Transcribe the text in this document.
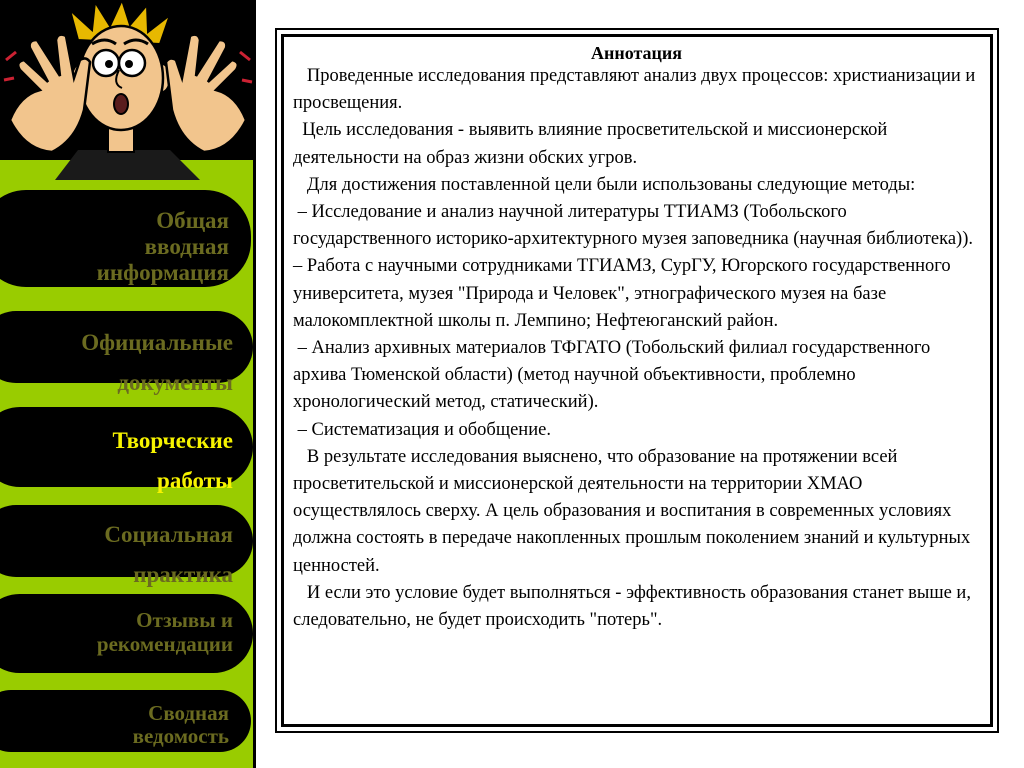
Общая
вводная
информация
Официальные
документы
Творческие
работы
Социальная
практика
Отзывы и
рекомендации
Сводная
ведомость

Аннотация

Проведенные исследования представляют анализ двух процессов: христианизации и просвещения.

Цель исследования - выявить влияние просветительской и миссионерской деятельности на образ жизни обских угров.

Для достижения поставленной цели были использованы следующие методы:

– Исследование и анализ научной литературы ТТИАМЗ (Тобольского государственного историко-архитектурного музея заповедника (научная библиотека)).

– Работа с научными сотрудниками ТГИАМЗ, СурГУ, Югорского государственного университета, музея "Природа и Человек", этнографического музея на базе малокомплектной школы п. Лемпино; Нефтеюганский район.

– Анализ архивных материалов ТФГАТО (Тобольский филиал государственного архива Тюменской области) (метод научной объективности, проблемно хронологический метод, статический).

– Систематизация и обобщение.

В результате исследования выяснено, что образование на протяжении всей просветительской и миссионерской деятельности на территории ХМАО осуществлялось сверху. А цель образования и воспитания в современных условиях должна состоять в передаче накопленных прошлым поколением знаний и культурных ценностей.

И если это условие будет выполняться - эффективность образования станет выше и, следовательно, не будет происходить "потерь".
